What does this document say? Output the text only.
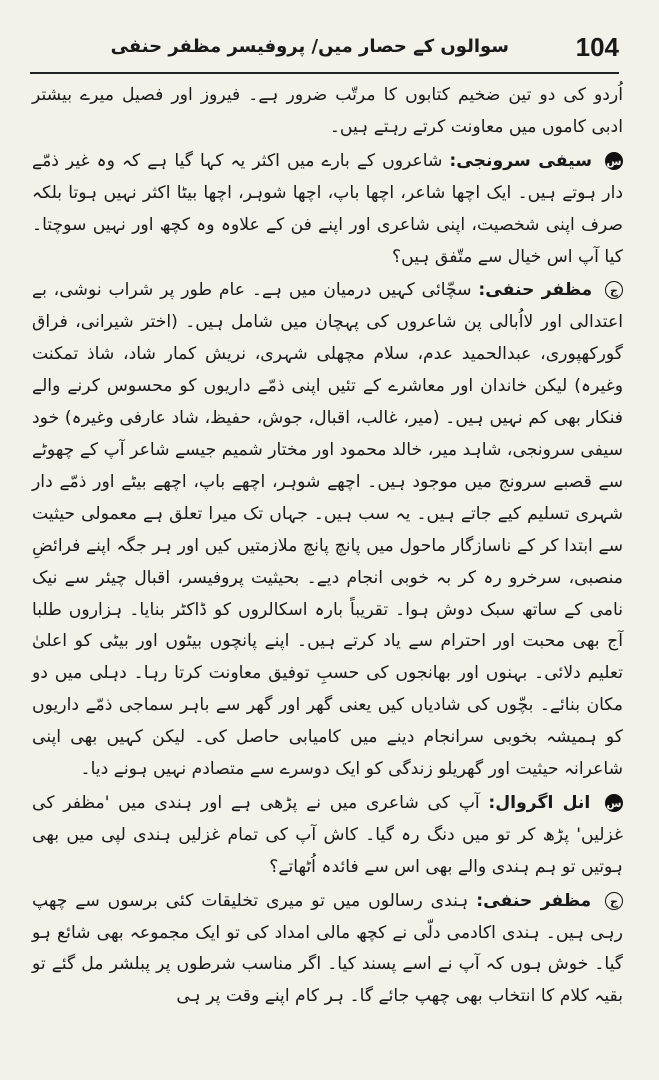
104
سوالوں کے حصار میں/ پروفیسر مظفر حنفی

اُردو کی دو تین ضخیم کتابوں کا مرتّب ضرور ہے۔ فیروز اور فصیل میرے بیشتر ادبی کاموں میں معاونت کرتے رہتے ہیں۔

س سیفی سرونجی: شاعروں کے بارے میں اکثر یہ کہا گیا ہے کہ وہ غیر ذمّے دار ہوتے ہیں۔ ایک اچھا شاعر، اچھا باپ، اچھا شوہر، اچھا بیٹا اکثر نہیں ہوتا بلکہ صرف اپنی شخصیت، اپنی شاعری اور اپنے فن کے علاوہ وہ کچھ اور نہیں سوچتا۔ کیا آپ اس خیال سے متّفق ہیں؟

ج مظفر حنفی: سچّائی کہیں درمیان میں ہے۔ عام طور پر شراب نوشی، بے اعتدالی اور لااُبالی پن شاعروں کی پہچان میں شامل ہیں۔ (اختر شیرانی، فراق گورکھپوری، عبدالحمید عدم، سلام مچھلی شہری، نریش کمار شاد، شاذ تمکنت وغیرہ) لیکن خاندان اور معاشرے کے تئیں اپنی ذمّے داریوں کو محسوس کرنے والے فنکار بھی کم نہیں ہیں۔ (میر، غالب، اقبال، جوش، حفیظ، شاد عارفی وغیرہ) خود سیفی سرونجی، شاہد میر، خالد محمود اور مختار شمیم جیسے شاعر آپ کے چھوٹے سے قصبے سرونج میں موجود ہیں۔ اچھے شوہر، اچھے باپ، اچھے بیٹے اور ذمّے دار شہری تسلیم کیے جاتے ہیں۔ یہ سب ہیں۔ جہاں تک میرا تعلق ہے معمولی حیثیت سے ابتدا کر کے ناسازگار ماحول میں پانچ پانچ ملازمتیں کیں اور ہر جگہ اپنے فرائضِ منصبی، سرخرو رہ کر بہ خوبی انجام دیے۔ بحیثیت پروفیسر، اقبال چیئر سے نیک نامی کے ساتھ سبک دوش ہوا۔ تقریباً بارہ اسکالروں کو ڈاکٹر بنایا۔ ہزاروں طلبا آج بھی محبت اور احترام سے یاد کرتے ہیں۔ اپنے پانچوں بیٹوں اور بیٹی کو اعلیٰ تعلیم دلائی۔ بہنوں اور بھانجوں کی حسبِ توفیق معاونت کرتا رہا۔ دہلی میں دو مکان بنائے۔ بچّوں کی شادیاں کیں یعنی گھر اور گھر سے باہر سماجی ذمّے داریوں کو ہمیشہ بخوبی سرانجام دینے میں کامیابی حاصل کی۔ لیکن کہیں بھی اپنی شاعرانہ حیثیت اور گھریلو زندگی کو ایک دوسرے سے متصادم نہیں ہونے دیا۔

س انل اگروال: آپ کی شاعری میں نے پڑھی ہے اور ہندی میں 'مظفر کی غزلیں' پڑھ کر تو میں دنگ رہ گیا۔ کاش آپ کی تمام غزلیں ہندی لپی میں بھی ہوتیں تو ہم ہندی والے بھی اس سے فائدہ اُٹھاتے؟

ج مظفر حنفی: ہندی رسالوں میں تو میری تخلیقات کئی برسوں سے چھپ رہی ہیں۔ ہندی اکادمی دلّی نے کچھ مالی امداد کی تو ایک مجموعہ بھی شائع ہو گیا۔ خوش ہوں کہ آپ نے اسے پسند کیا۔ اگر مناسب شرطوں پر پبلشر مل گئے تو بقیہ کلام کا انتخاب بھی چھپ جائے گا۔ ہر کام اپنے وقت پر ہی
